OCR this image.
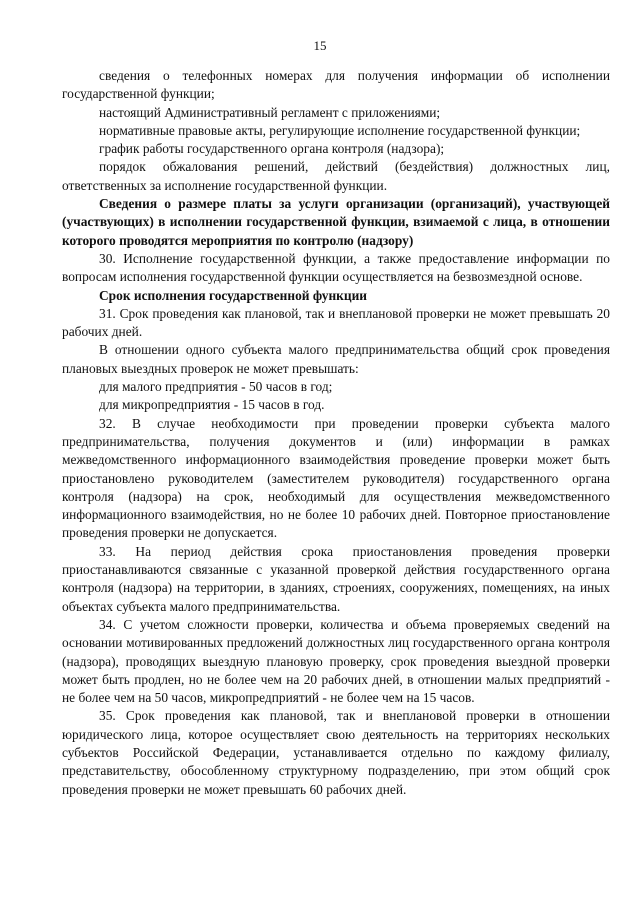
15

сведения о телефонных номерах для получения информации об исполнении государственной функции;

настоящий Административный регламент с приложениями;

нормативные правовые акты, регулирующие исполнение государственной функции;

график работы государственного органа контроля (надзора);

порядок обжалования решений, действий (бездействия) должностных лиц, ответственных за исполнение государственной функции.

Сведения о размере платы за услуги организации (организаций), участвующей (участвующих) в исполнении государственной функции, взимаемой с лица, в отношении которого проводятся мероприятия по контролю (надзору)

30. Исполнение государственной функции, а также предоставление информации по вопросам исполнения государственной функции осуществляется на безвозмездной основе.

Срок исполнения государственной функции

31. Срок проведения как плановой, так и внеплановой проверки не может превышать 20 рабочих дней.

В отношении одного субъекта малого предпринимательства общий срок проведения плановых выездных проверок не может превышать:

для малого предприятия - 50 часов в год;

для микропредприятия - 15 часов в год.

32. В случае необходимости при проведении проверки субъекта малого предпринимательства, получения документов и (или) информации в рамках межведомственного информационного взаимодействия проведение проверки может быть приостановлено руководителем (заместителем руководителя) государственного органа контроля (надзора) на срок, необходимый для осуществления межведомственного информационного взаимодействия, но не более 10 рабочих дней. Повторное приостановление проведения проверки не допускается.

33. На период действия срока приостановления проведения проверки приостанавливаются связанные с указанной проверкой действия государственного органа контроля (надзора) на территории, в зданиях, строениях, сооружениях, помещениях, на иных объектах субъекта малого предпринимательства.

34. С учетом сложности проверки, количества и объема проверяемых сведений на основании мотивированных предложений должностных лиц государственного органа контроля (надзора), проводящих выездную плановую проверку, срок проведения выездной проверки может быть продлен, но не более чем на 20 рабочих дней, в отношении малых предприятий - не более чем на 50 часов, микропредприятий - не более чем на 15 часов.

35. Срок проведения как плановой, так и внеплановой проверки в отношении юридического лица, которое осуществляет свою деятельность на территориях нескольких субъектов Российской Федерации, устанавливается отдельно по каждому филиалу, представительству, обособленному структурному подразделению, при этом общий срок проведения проверки не может превышать 60 рабочих дней.
